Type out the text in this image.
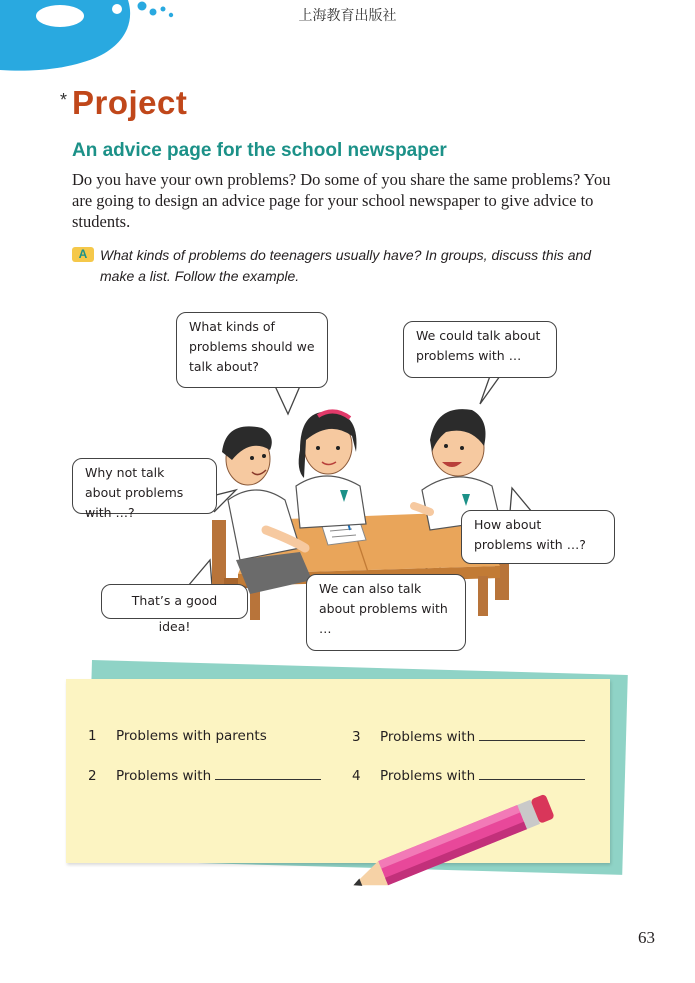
上海教育出版社
* Project
An advice page for the school newspaper

Do you have your own problems? Do some of you share the same problems? You are going to design an advice page for your school newspaper to give advice to students.

A What kinds of problems do teenagers usually have? In groups, discuss this and make a list. Follow the example.

What kinds of problems should we talk about?
We could talk about problems with …
Why not talk about problems with …?
How about problems with …?
That’s a good idea!
We can also talk about problems with …
1 Problems with parents
2 Problems with
3 Problems with
4 Problems with
63
